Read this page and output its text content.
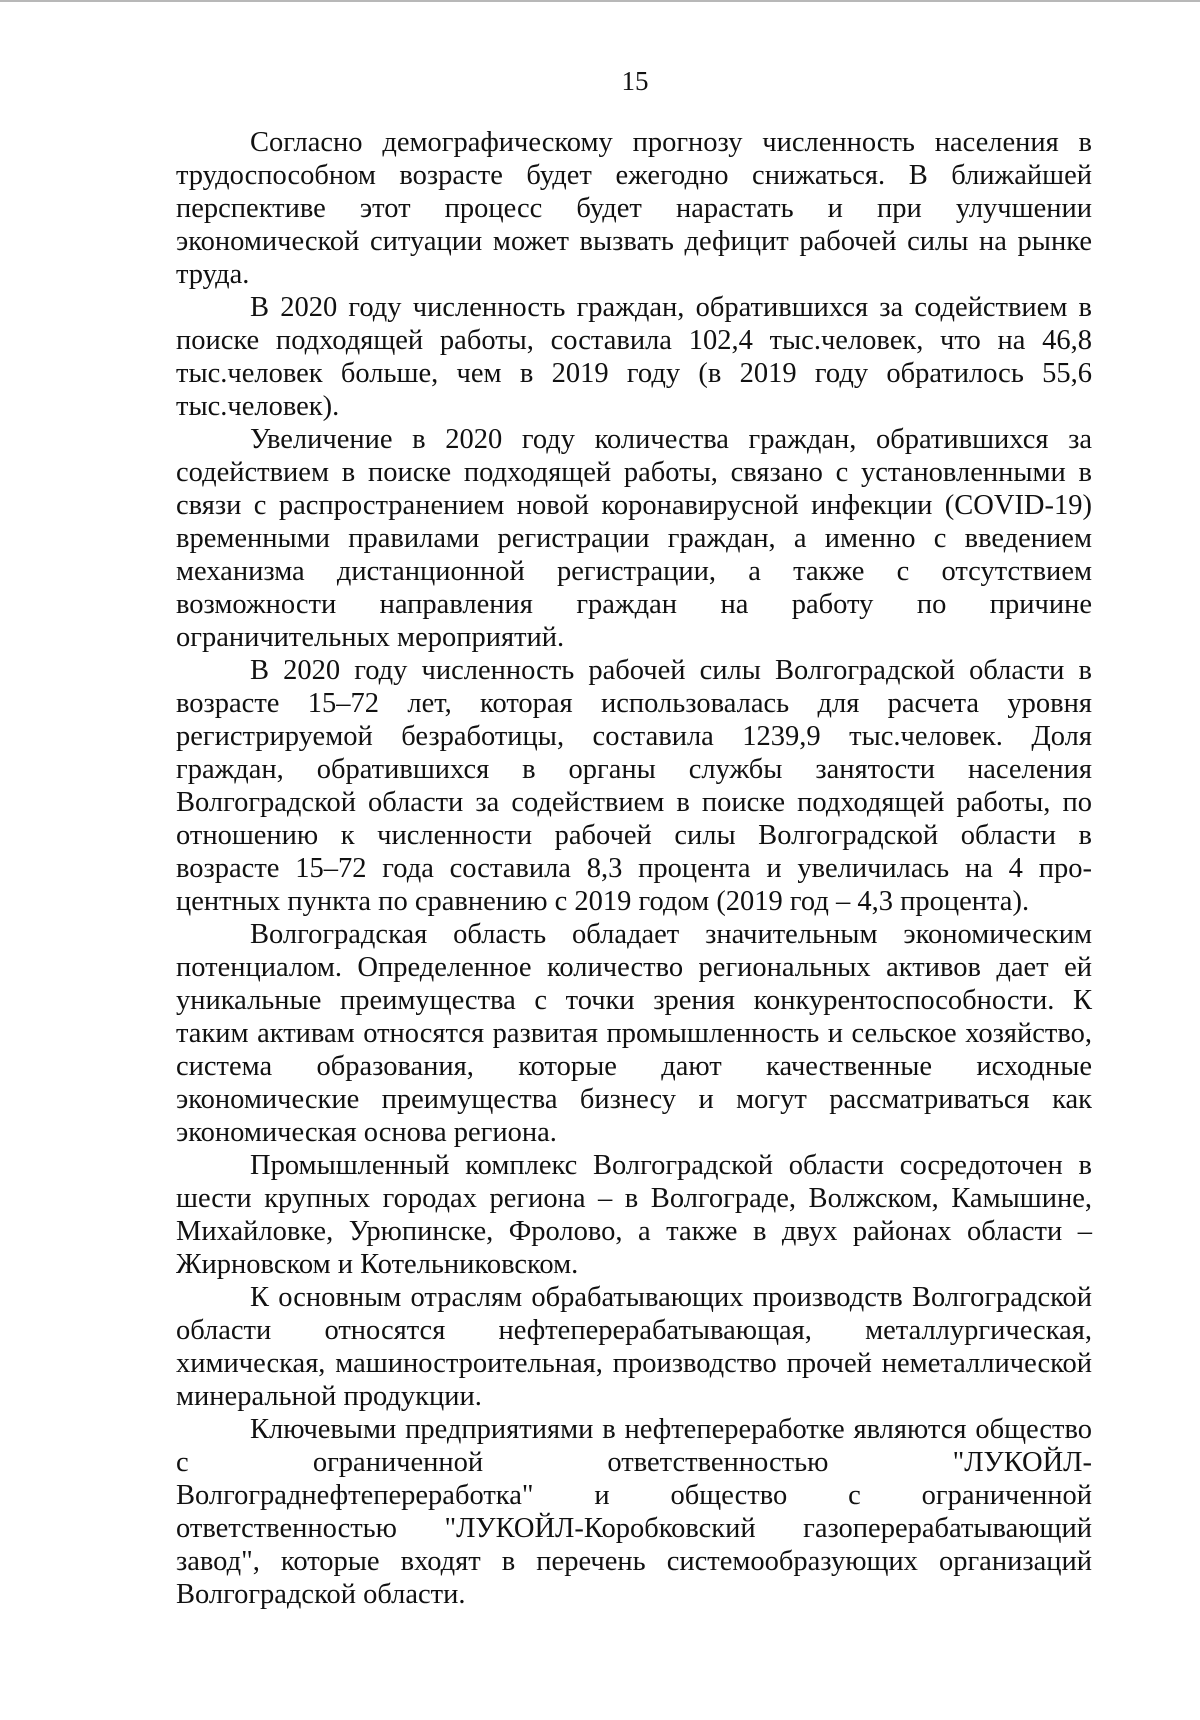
15

Согласно демографическому прогнозу численность населения в трудоспособном возрасте будет ежегодно снижаться. В ближайшей перспективе этот процесс будет нарастать и при улучшении экономической ситуации может вызвать дефицит рабочей силы на рынке труда.

В 2020 году численность граждан, обратившихся за содействием в поиске подходящей работы, составила 102,4 тыс.человек, что на 46,8 тыс.человек больше, чем в 2019 году (в 2019 году обратилось 55,6 тыс.человек).

Увеличение в 2020 году количества граждан, обратившихся за содействием в поиске подходящей работы, связано с установленными в связи с распространением новой коронавирусной инфекции (COVID-19) временными правилами регистрации граждан, а именно с введением механизма дистанционной регистрации, а также с отсутствием возможности направления граждан на работу по причине ограничительных мероприятий.

В 2020 году численность рабочей силы Волгоградской области в возрасте 15–72 лет, которая использовалась для расчета уровня регистрируемой безработицы, составила 1239,9 тыс.человек. Доля граждан, обратившихся в органы службы занятости населения Волгоградской области за содействием в поиске подходящей работы, по отношению к численности рабочей силы Волгоградской области в возрасте 15–72 года составила 8,3 процента и увеличилась на 4 процентных пункта по сравнению с 2019 годом (2019 год – 4,3 процента).

Волгоградская область обладает значительным экономическим потенциалом. Определенное количество региональных активов дает ей уникальные преимущества с точки зрения конкурентоспособности. К таким активам относятся развитая промышленность и сельское хозяйство, система образования, которые дают качественные исходные экономические преимущества бизнесу и могут рассматриваться как экономическая основа региона.

Промышленный комплекс Волгоградской области сосредоточен в шести крупных городах региона – в Волгограде, Волжском, Камышине, Михайловке, Урюпинске, Фролово, а также в двух районах области – Жирновском и Котельниковском.

К основным отраслям обрабатывающих производств Волгоградской области относятся нефтеперерабатывающая, металлургическая, химическая, машиностроительная, производство прочей неметаллической минеральной продукции.

Ключевыми предприятиями в нефтепереработке являются общество с ограниченной ответственностью "ЛУКОЙЛ-Волгограднефтепереработка" и общество с ограниченной ответственностью "ЛУКОЙЛ-Коробковский газоперерабатывающий завод", которые входят в перечень системообразующих организаций Волгоградской области.
